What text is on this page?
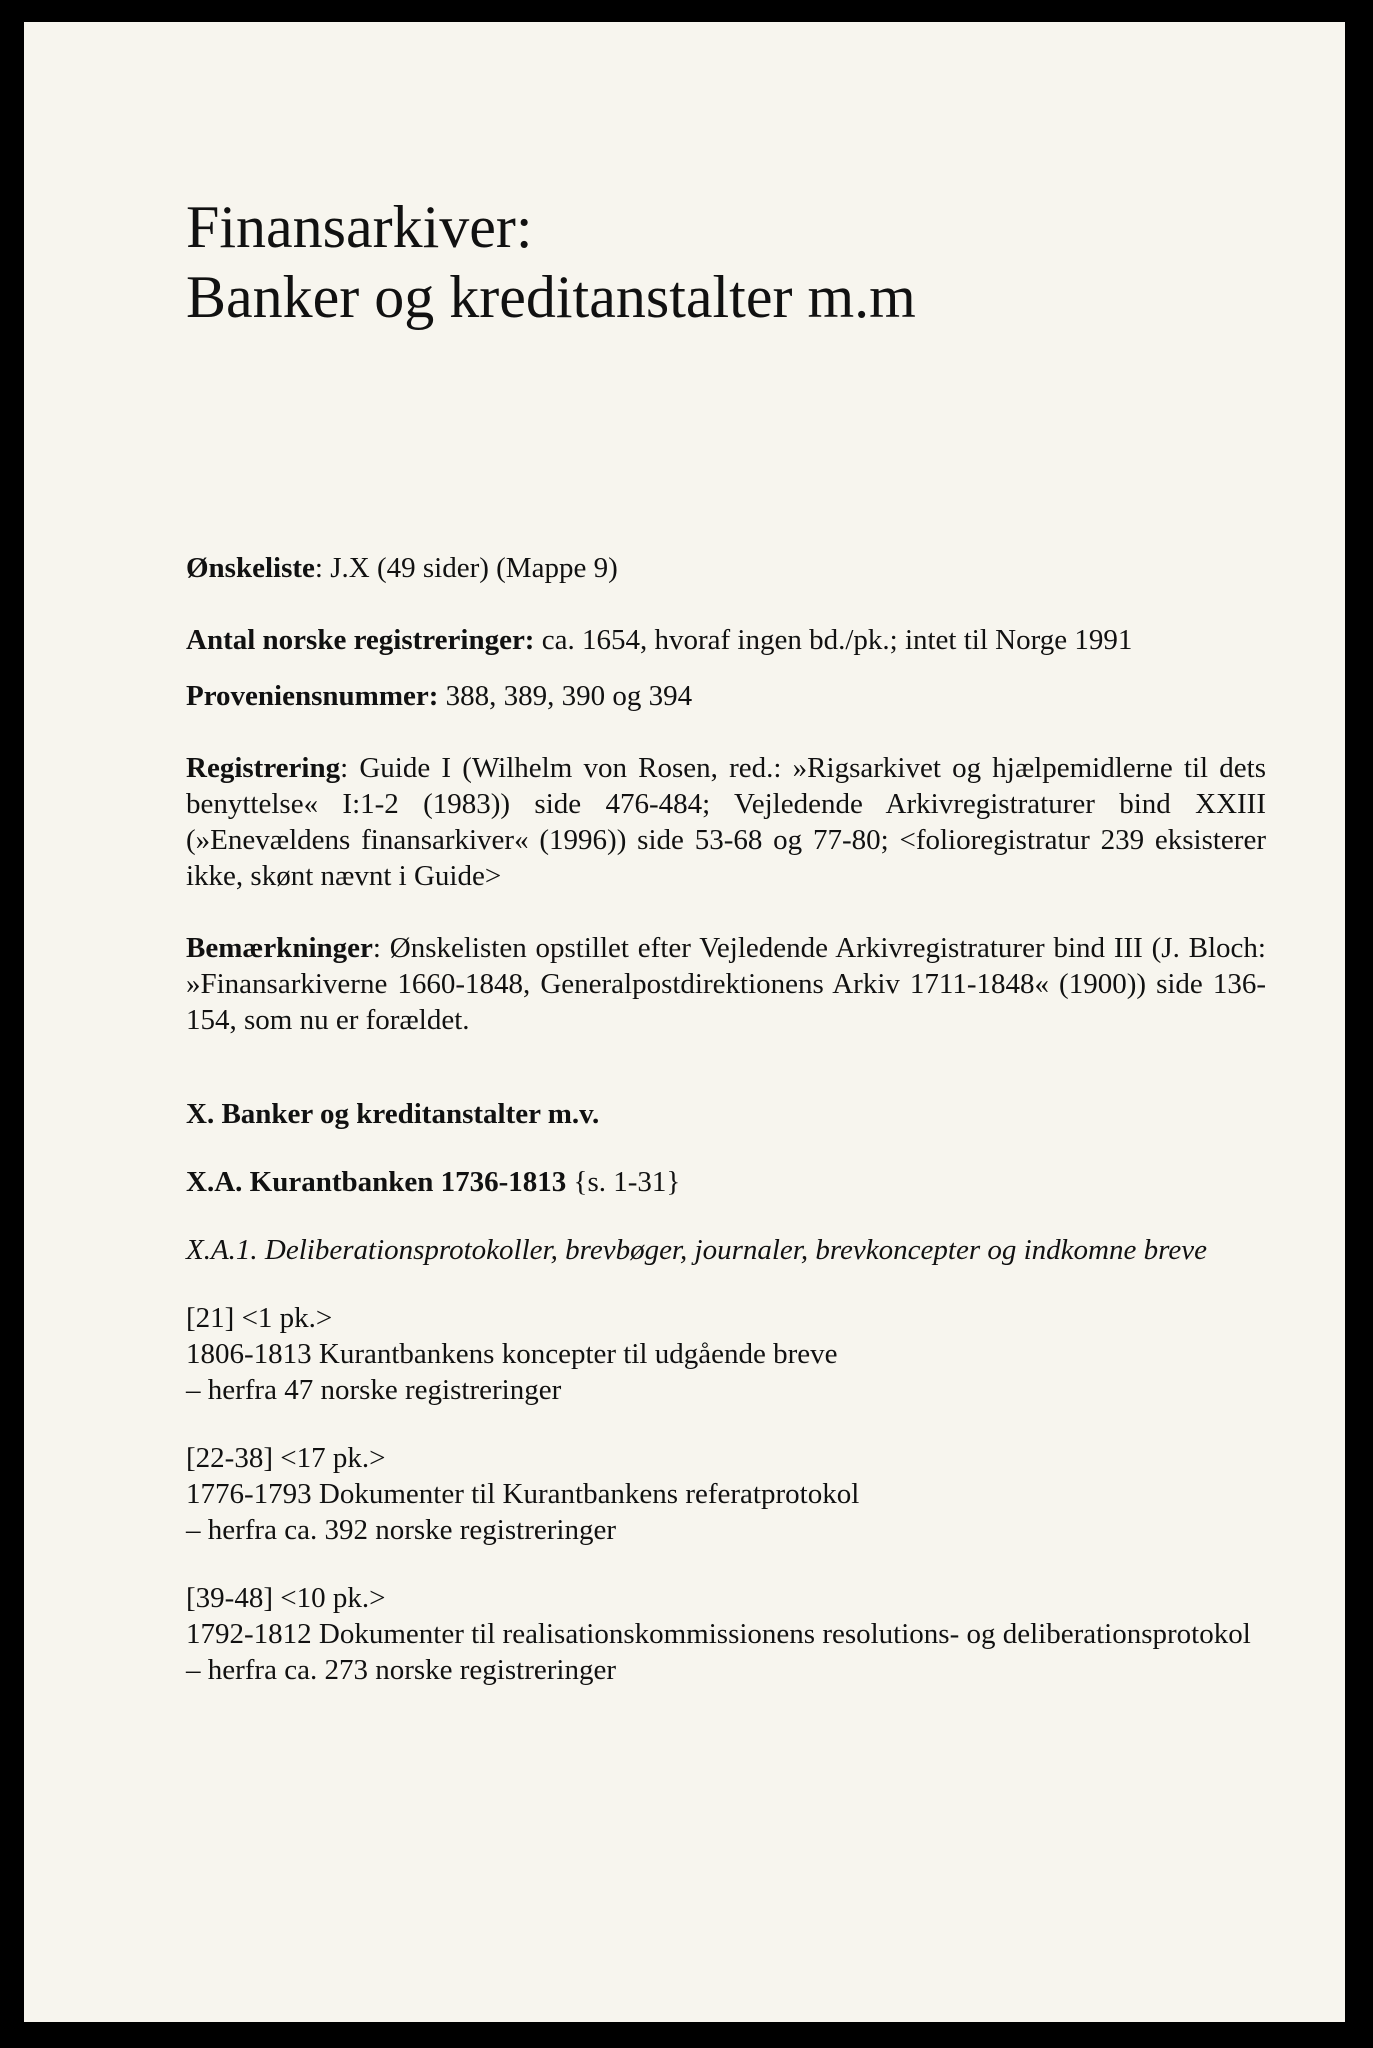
Finansarkiver:
Banker og kreditanstalter m.m

Ønskeliste: J.X (49 sider) (Mappe 9)

Antal norske registreringer: ca. 1654, hvoraf ingen bd./pk.; intet til Norge 1991

Proveniensnummer: 388, 389, 390 og 394

Registrering: Guide I (Wilhelm von Rosen, red.: »Rigsarkivet og hjælpemidlerne til dets benyttelse« I:1-2 (1983)) side 476-484; Vejledende Arkivregistraturer bind XXIII (»Enevældens finansarkiver« (1996)) side 53-68 og 77-80; <folioregistratur 239 eksisterer ikke, skønt nævnt i Guide>

Bemærkninger: Ønskelisten opstillet efter Vejledende Arkivregistraturer bind III (J. Bloch: »Finansarkiverne 1660-1848, Generalpostdirektionens Arkiv 1711-1848« (1900)) side 136-154, som nu er forældet.

X. Banker og kreditanstalter m.v.

X.A. Kurantbanken 1736-1813 {s. 1-31}

X.A.1. Deliberationsprotokoller, brevbøger, journaler, brevkoncepter og indkomne breve

[21] <1 pk.>

1806-1813 Kurantbankens koncepter til udgående breve

– herfra 47 norske registreringer

[22-38] <17 pk.>

1776-1793 Dokumenter til Kurantbankens referatprotokol

– herfra ca. 392 norske registreringer

[39-48] <10 pk.>

1792-1812 Dokumenter til realisationskommissionens resolutions- og deliberationsprotokol

– herfra ca. 273 norske registreringer
